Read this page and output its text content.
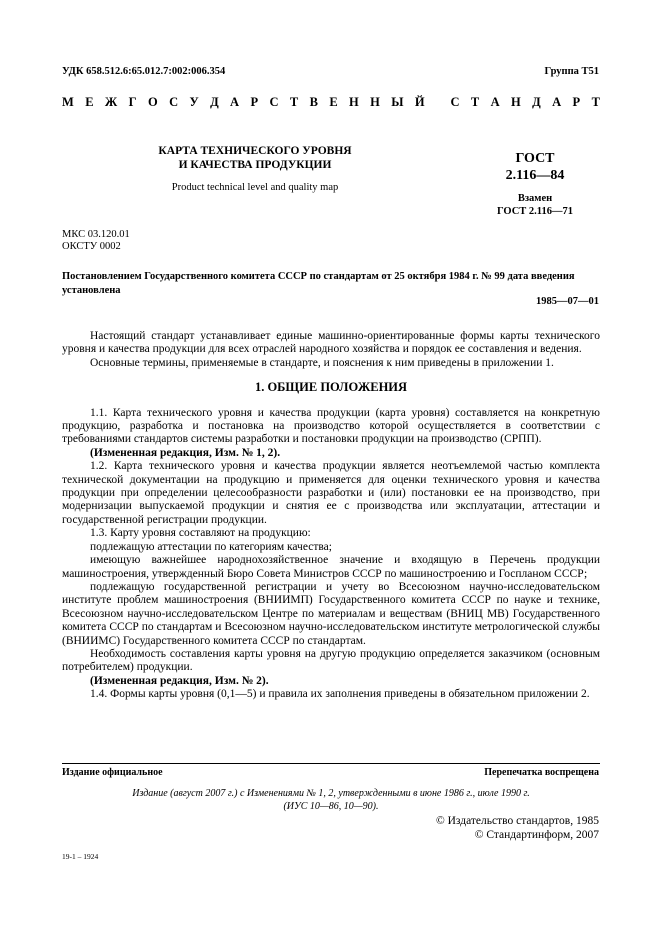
УДК 658.512.6:65.012.7:002:006.354	Группа Т51
М Е Ж Г О С У Д А Р С Т В Е Н Н Ы Й
С Т А Н Д А Р Т
КАРТА ТЕХНИЧЕСКОГО УРОВНЯ
И КАЧЕСТВА ПРОДУКЦИИ
Product technical level and quality map
ГОСТ
2.116—84
Взамен
ГОСТ 2.116—71
МКС 03.120.01
ОКСТУ 0002
Постановлением Государственного комитета СССР по стандартам от 25 октября 1984 г. № 99 дата введения установлена
1985—07—01

Настоящий стандарт устанавливает единые машинно-ориентированные формы карты технического уровня и качества продукции для всех отраслей народного хозяйства и порядок ее составления и ведения.

Основные термины, применяемые в стандарте, и пояснения к ним приведены в приложении 1.

1. ОБЩИЕ ПОЛОЖЕНИЯ

1.1. Карта технического уровня и качества продукции (карта уровня) составляется на конкретную продукцию, разработка и постановка на производство которой осуществляется в соответствии с требованиями стандартов системы разработки и постановки продукции на производство (СРПП).

(Измененная редакция, Изм. № 1, 2).

1.2. Карта технического уровня и качества продукции является неотъемлемой частью комплекта технической документации на продукцию и применяется для оценки технического уровня и качества продукции при определении целесообразности разработки и (или) постановки ее на производство, при модернизации выпускаемой продукции и снятия ее с производства или эксплуатации, аттестации и государственной регистрации продукции.

1.3. Карту уровня составляют на продукцию:

подлежащую аттестации по категориям качества;

имеющую важнейшее народнохозяйственное значение и входящую в Перечень продукции машиностроения, утвержденный Бюро Совета Министров СССР по машиностроению и Госпланом СССР;

подлежащую государственной регистрации и учету во Всесоюзном научно-исследовательском институте проблем машиностроения (ВНИИМП) Государственного комитета СССР по науке и технике, Всесоюзном научно-исследовательском Центре по материалам и веществам (ВНИЦ МВ) Государственного комитета СССР по стандартам и Всесоюзном научно-исследовательском институте метрологической службы (ВНИИМС) Государственного комитета СССР по стандартам.

Необходимость составления карты уровня на другую продукцию определяется заказчиком (основным потребителем) продукции.

(Измененная редакция, Изм. № 2).

1.4. Формы карты уровня (0,1—5) и правила их заполнения приведены в обязательном приложении 2.

Издание официальное	Перепечатка воспрещена
Издание (август 2007 г.) с Изменениями № 1, 2, утвержденными в июне 1986 г., июле 1990 г.
(ИУС 10—86, 10—90).
© Издательство стандартов, 1985
© Стандартинформ, 2007
19-1 – 1924
